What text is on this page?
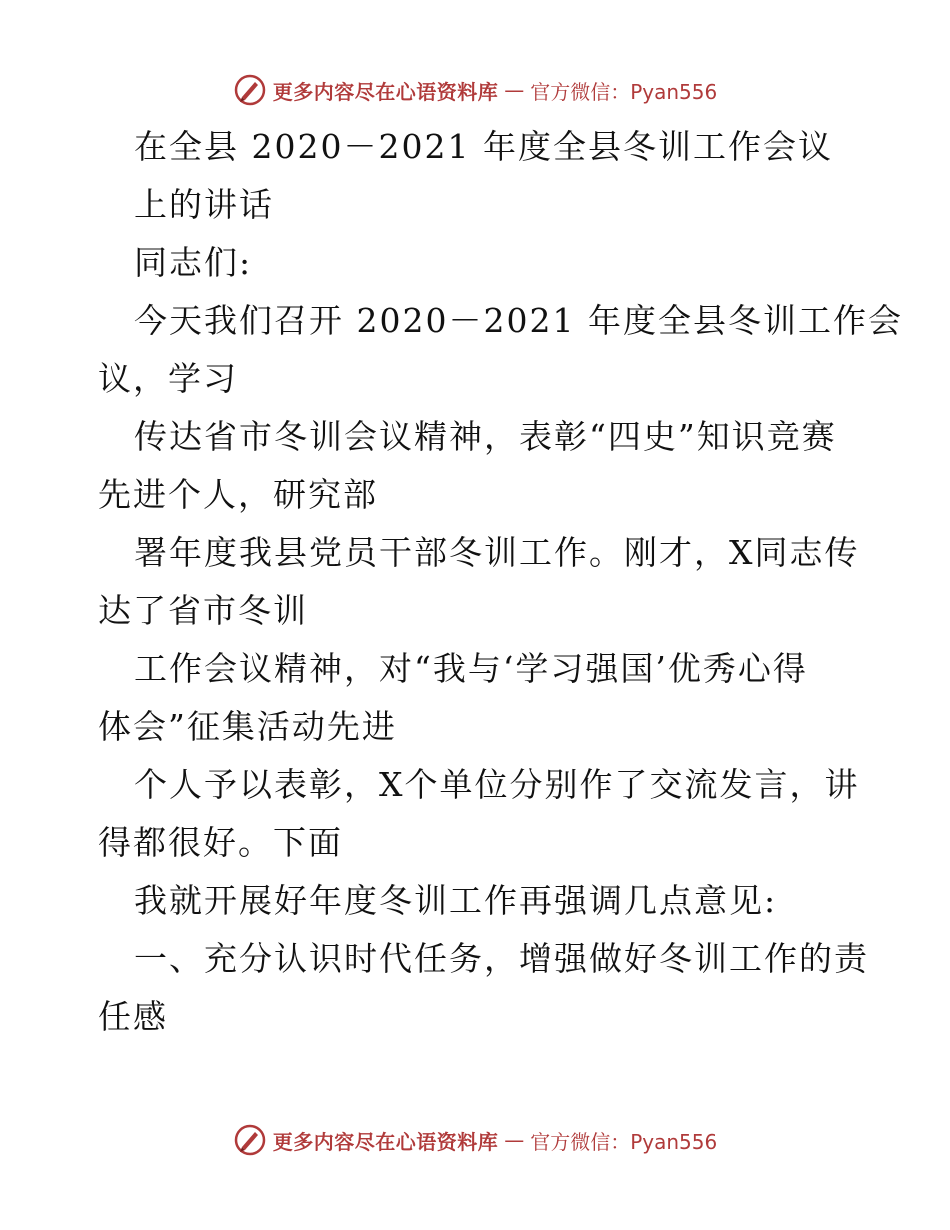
更多内容尽在心语资料库 — 官方微信：Pyan556
在全县 2020－2021 年度全县冬训工作会议
上的讲话
同志们:
今天我们召开 2020－2021 年度全县冬训工作会
议，学习
传达省市冬训会议精神，表彰“四史”知识竞赛
先进个人，研究部
署年度我县党员干部冬训工作。刚才，X同志传
达了省市冬训
工作会议精神，对“我与‘学习强国’优秀心得
体会”征集活动先进
个人予以表彰，X个单位分别作了交流发言，讲
得都很好。下面
我就开展好年度冬训工作再强调几点意见:
一、充分认识时代任务，增强做好冬训工作的责
任感
更多内容尽在心语资料库 — 官方微信：Pyan556
